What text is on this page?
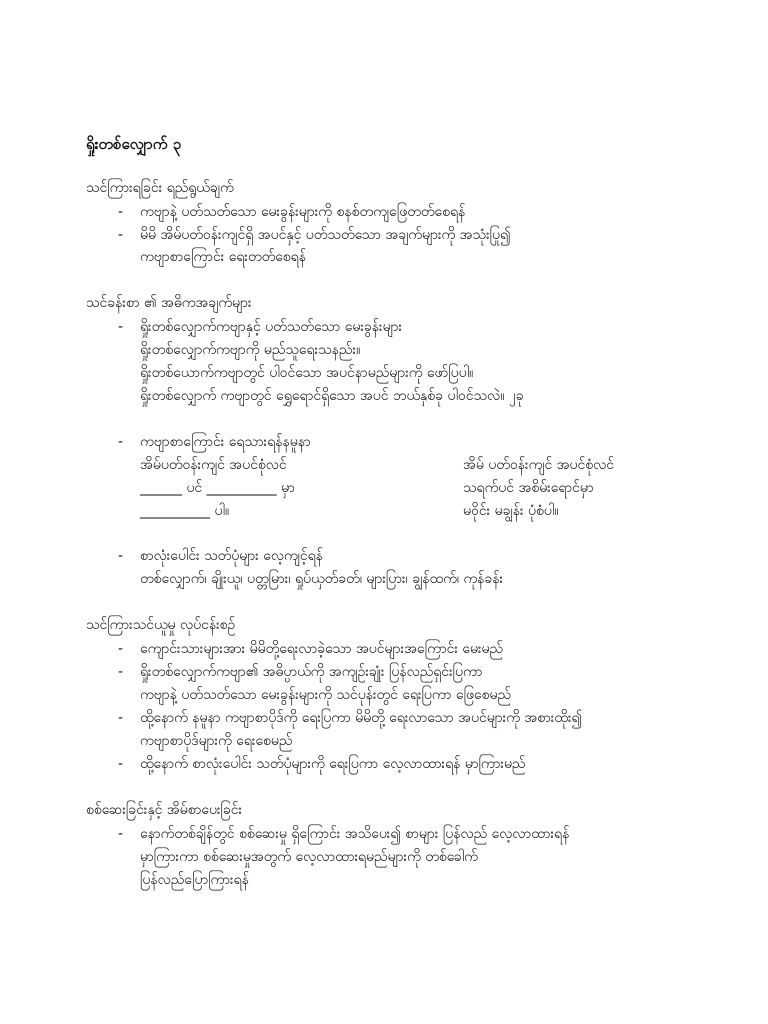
ရှိုးတစ်လျှောက် ၃
သင်ကြားရခြင်း ရည်ရွယ်ချက်
- ကဗျာနဲ့ ပတ်သတ်သော မေးခွန်းများကို စနစ်တကျဖြေတတ်စေရန်
- မိမိ အိမ်ပတ်ဝန်းကျင်ရှိ အပင်နှင့် ပတ်သတ်သော အချက်များကို အသုံးပြု၍
ကဗျာစာကြောင်း ရေးတတ်စေရန်
သင်ခန်းစာ ၏ အဓိကအချက်များ
- ရှိုးတစ်လျှောက်ကဗျာနှင့် ပတ်သတ်သော မေးခွန်းများ
ရှိုးတစ်လျှောက်ကဗျာကို မည်သူရေးသနည်း။
ရှိုးတစ်ယောက်ကဗျာတွင် ပါဝင်သော အပင်နာမည်များကို ဖော်ပြပါ။
ရှိုးတစ်လျှောက် ကဗျာတွင် ရွှေရောင်ရှိသော အပင် ဘယ်နှစ်ခု ပါဝင်သလဲ။ ၂ခု
- ကဗျာစာကြောင်း ရေသားရန်နမူနာ
အိမ်ပတ်ဝန်းကျင် အပင်စုံလင်
______ ပင် __________ မှာ
__________ ပါ။
အိမ် ပတ်ဝန်းကျင် အပင်စုံလင်
သရက်ပင် အစိမ်းရောင်မှာ
မဝိုင်း မချွန်း ပုံစံပါ။
- စာလုံးပေါင်း သတ်ပုံများ လေ့ကျင့်ရန်
တစ်လျှောက်၊ ချိုးယူ၊ ပတ္တမြား၊ ရှုပ်ယှတ်ခတ်၊ များပြား၊ ချွန်ထက်၊ ကုန်ခန်း
သင်ကြားသင်ယူမှု လုပ်ငန်းစဉ်
- ကျောင်းသားများအား မိမိတို့ရေးလာခဲ့သော အပင်များအကြောင်း မေးမည်
- ရှိုးတစ်လျှောက်ကဗျာ၏ အဓိပ္ပာယ်ကို အကျဉ်းချုံး ပြန်လည်ရှင်းပြကာ
ကဗျာနဲ့ ပတ်သတ်သော မေးခွန်းများကို သင်ပုန်းတွင် ရေးပြကာ ဖြေစေမည်
- ထို့နောက် နမူနာ ကဗျာစာပိုဒ်ကို ရေးပြကာ မိမိတို့ ရေးလာသော အပင်များကို အစားထိုး၍
ကဗျာစာပိုဒ်များကို ရေးစေမည်
- ထို့နောက် စာလုံးပေါင်း သတ်ပုံများကို ရေးပြကာ လေ့လာထားရန် မှာကြားမည်
စစ်ဆေးခြင်းနှင့် အိမ်စာပေးခြင်း
- နောက်တစ်ချိန်တွင် စစ်ဆေးမှု ရှိကြောင်း အသိပေး၍ စာများ ပြန်လည် လေ့လာထားရန်
မှာကြားကာ စစ်ဆေးမှုအတွက် လေ့လာထားရမည်များကို တစ်ခေါက်
ပြန်လည်ပြောကြားရန်
